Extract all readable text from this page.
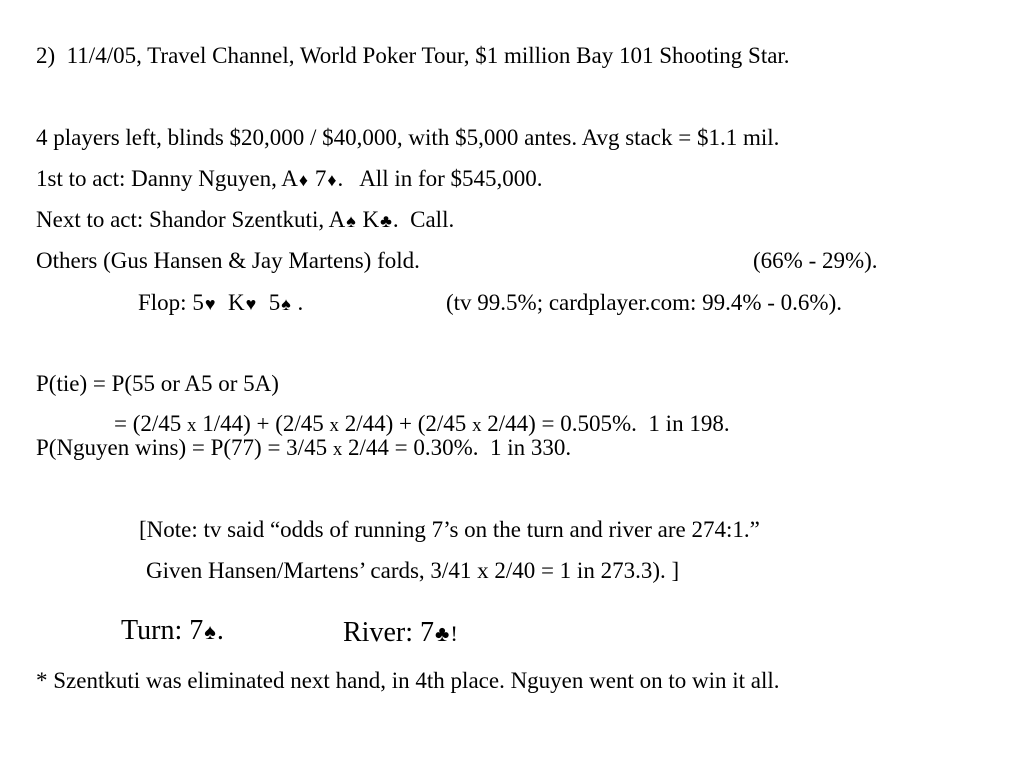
2)  11/4/05, Travel Channel, World Poker Tour, $1 million Bay 101 Shooting Star.
4 players left, blinds $20,000 / $40,000, with $5,000 antes. Avg stack = $1.1 mil.
1st to act: Danny Nguyen, A♦ 7♦.   All in for $545,000.
Next to act: Shandor Szentkuti, A♠ K♣.  Call.
Others (Gus Hansen & Jay Martens) fold.	(66% - 29%).
Flop: 5♥  K♥  5♠ .	(tv 99.5%; cardplayer.com: 99.4% - 0.6%).
P(tie) = P(55 or A5 or 5A)
= (2/45 x 1/44) + (2/45 x 2/44) + (2/45 x 2/44) = 0.505%.  1 in 198.
P(Nguyen wins) = P(77) = 3/45 x 2/44 = 0.30%.  1 in 330.
[Note: tv said “odds of running 7’s on the turn and river are 274:1.”
Given Hansen/Martens’ cards, 3/41 x 2/40 = 1 in 273.3). ]
Turn: 7♠.	River: 7♣!
* Szentkuti was eliminated next hand, in 4th place. Nguyen went on to win it all.
